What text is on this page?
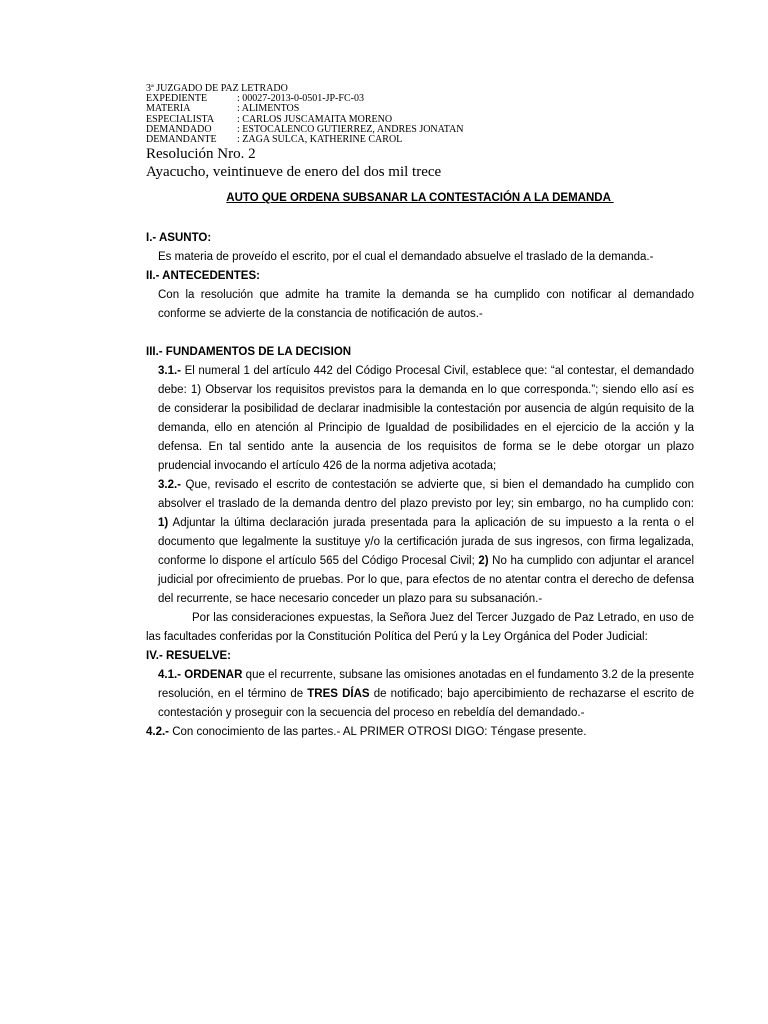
3ª JUZGADO DE PAZ LETRADO
EXPEDIENTE	: 00027-2013-0-0501-JP-FC-03
MATERIA	: ALIMENTOS
ESPECIALISTA	: CARLOS JUSCAMAITA MORENO
DEMANDADO	: ESTOCALENCO GUTIERREZ, ANDRES JONATAN
DEMANDANTE	: ZAGA SULCA, KATHERINE CAROL
Resolución Nro. 2
Ayacucho, veintinueve de enero del dos mil trece
AUTO QUE ORDENA SUBSANAR LA CONTESTACIÓN A LA DEMANDA

I.- ASUNTO:

Es materia de proveído el escrito, por el cual el demandado absuelve el traslado de la demanda.-

II.- ANTECEDENTES:

Con la resolución que admite ha tramite la demanda se ha cumplido con notificar al demandado conforme se advierte de la constancia de notificación de autos.-

III.- FUNDAMENTOS DE LA DECISION

3.1.- El numeral 1 del artículo 442 del Código Procesal Civil, establece que: “al contestar, el demandado debe: 1) Observar los requisitos previstos para la demanda en lo que corresponda.”; siendo ello así es de considerar la posibilidad de declarar inadmisible la contestación por ausencia de algún requisito de la demanda, ello en atención al Principio de Igualdad de posibilidades en el ejercicio de la acción y la defensa. En tal sentido ante la ausencia de los requisitos de forma se le debe otorgar un plazo prudencial invocando el artículo 426 de la norma adjetiva acotada;

3.2.- Que, revisado el escrito de contestación se advierte que, si bien el demandado ha cumplido con absolver el traslado de la demanda dentro del plazo previsto por ley; sin embargo, no ha cumplido con: 1) Adjuntar la última declaración jurada presentada para la aplicación de su impuesto a la renta o el documento que legalmente la sustituye y/o la certificación jurada de sus ingresos, con firma legalizada, conforme lo dispone el artículo 565 del Código Procesal Civil; 2) No ha cumplido con adjuntar el arancel judicial por ofrecimiento de pruebas. Por lo que, para efectos de no atentar contra el derecho de defensa del recurrente, se hace necesario conceder un plazo para su subsanación.-

Por las consideraciones expuestas, la Señora Juez del Tercer Juzgado de Paz Letrado, en uso de las facultades conferidas por la Constitución Política del Perú y la Ley Orgánica del Poder Judicial:

IV.- RESUELVE:

4.1.- ORDENAR que el recurrente, subsane las omisiones anotadas en el fundamento 3.2 de la presente resolución, en el término de TRES DÍAS de notificado; bajo apercibimiento de rechazarse el escrito de contestación y proseguir con la secuencia del proceso en rebeldía del demandado.-

4.2.- Con conocimiento de las partes.- AL PRIMER OTROSI DIGO: Téngase presente.
